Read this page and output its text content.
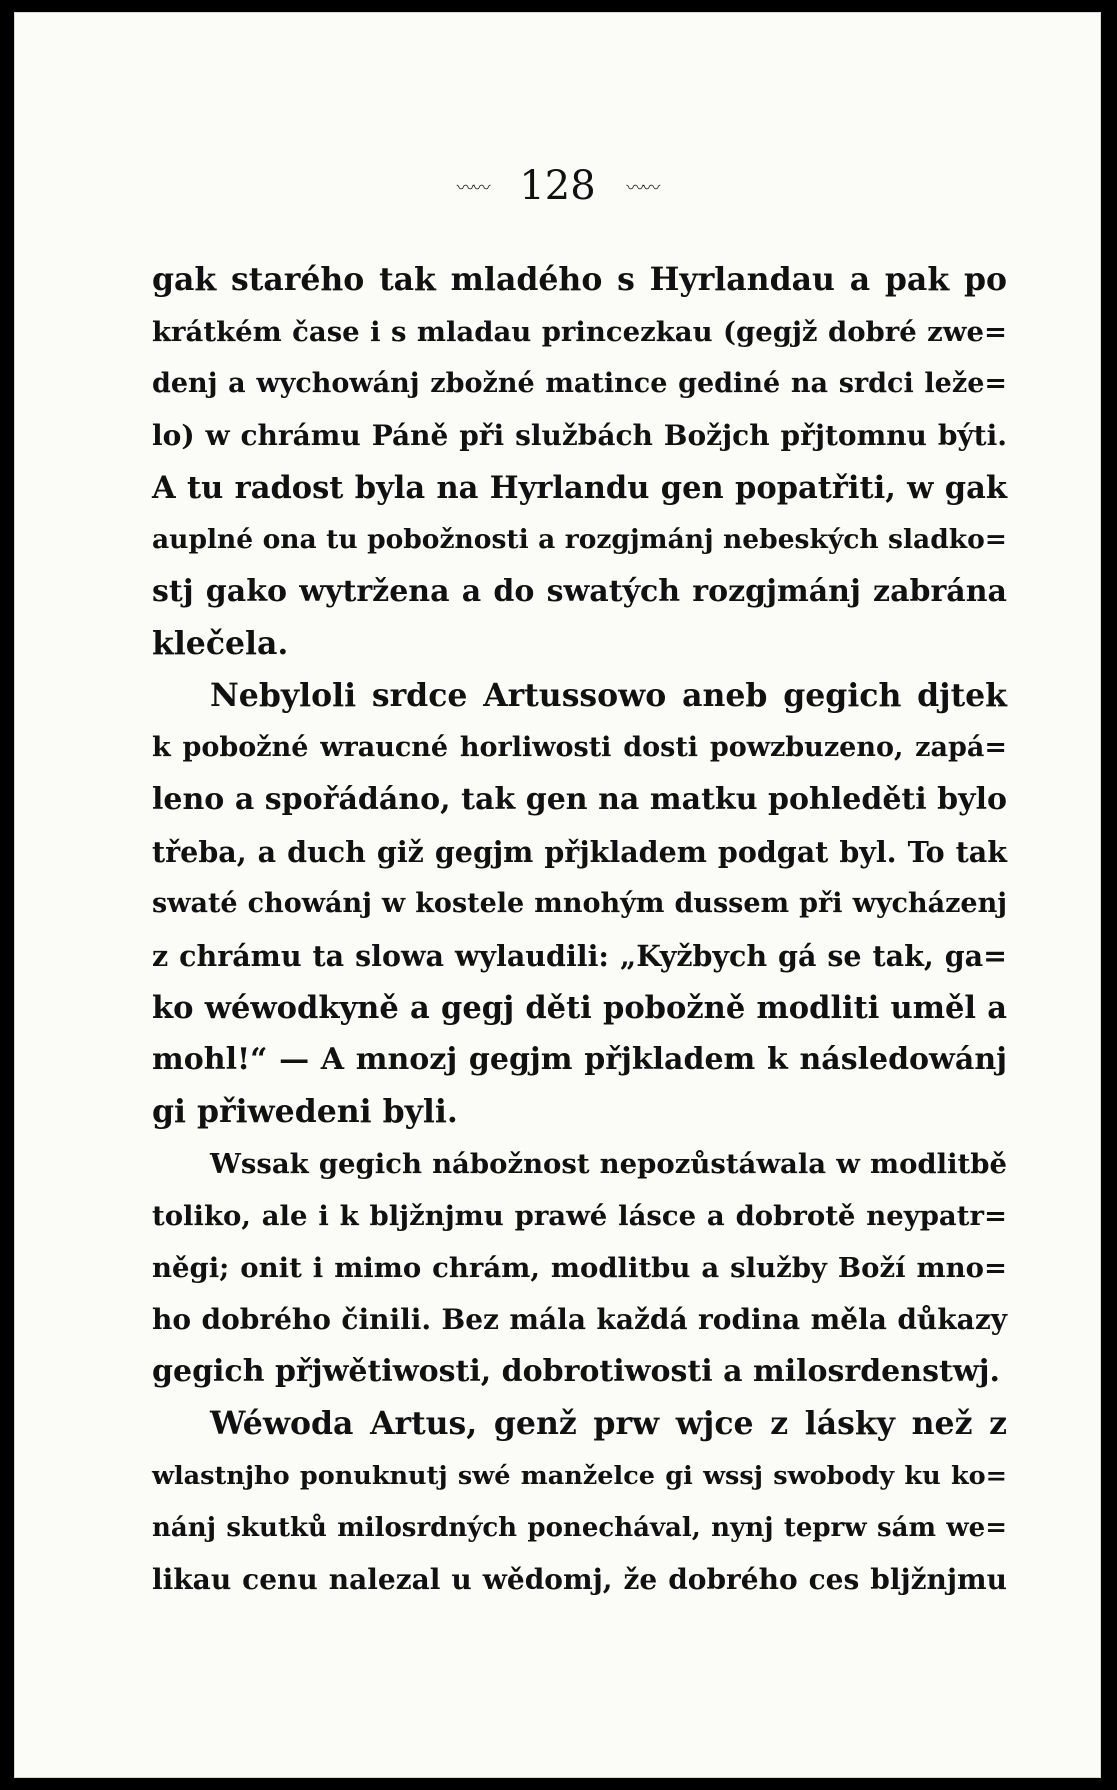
〰〰 128 〰〰

gak starého tak mladého s Hyrlandau a pak po
krátkém čase i s mladau princezkau (gegjž dobré zwe=
denj a wychowánj zbožné matince gediné na srdci leže=
lo) w chrámu Páně při službách Božjch přjtomnu býti.
A tu radost byla na Hyrlandu gen popatřiti, w gak
auplné ona tu pobožnosti a rozgjmánj nebeských sladko=
stj gako wytržena a do swatých rozgjmánj zabrána
klečela.

Nebyloli srdce Artussowo aneb gegich djtek
k pobožné wraucné horliwosti dosti powzbuzeno, zapá=
leno a spořádáno, tak gen na matku pohleděti bylo
třeba, a duch giž gegjm přjkladem podgat byl. To tak
swaté chowánj w kostele mnohým dussem při wycházenj
z chrámu ta slowa wylaudili: „Kyžbych gá se tak, ga=
ko wéwodkyně a gegj děti pobožně modliti uměl a
mohl!“ — A mnozj gegjm přjkladem k následowánj
gi přiwedeni byli.

Wssak gegich nábožnost nepozůstáwala w modlitbě
toliko, ale i k bljžnjmu prawé lásce a dobrotě neypatr=
něgi; onit i mimo chrám, modlitbu a služby Boží mno=
ho dobrého činili. Bez mála každá rodina měla důkazy
gegich přjwětiwosti, dobrotiwosti a milosrdenstwj.

Wéwoda Artus, genž prw wjce z lásky než z
wlastnjho ponuknutj swé manželce gi wssj swobody ku ko=
nánj skutků milosrdných ponechával, nynj teprw sám we=
likau cenu nalezal u wědomj, že dobrého ces bljžnjmu
